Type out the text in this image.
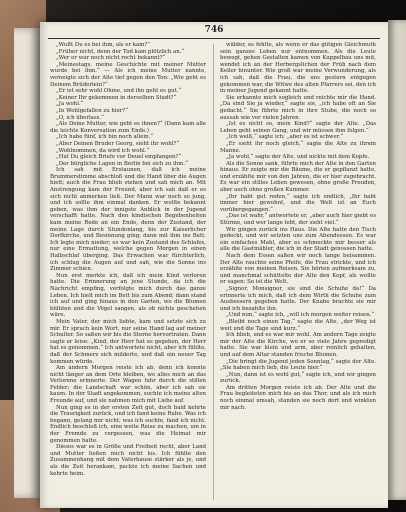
746

„Wußt Du es bei ihm, als er kam?“

„Früher nicht, denn der Tod kam plötzlich an.“

„Wer er war noch nicht recht bekannt?“

„Meinestags, meine Geschichte mit meiner Mutter wurde bei ihm.“ — Als ich meine Mutter nannte, verneigte sich der Alte tief gegen den Ton: „Wie geht es Deinem Brüderlein?“

„Er ist sehr wohl Ohme, und ihn geht es gut.“

„Keiner Ihr gekommen in derselben Stadt?“

„Ja wohl.“

„In Wohlgefallen zu hier?“

„O, ich überlass.“

„Als Deine Mutter, wie geht es ihnen?“ (Dann kam alle die leichte Konversation zum Ende.)

„Ich habe fünf, ich bin noch allein.“

„Aber Deinen Bruder Georg, sieht ihr wohl?“

„Wohlnommen, da wird ich wohl.“

„Hat Du gleich Briefe vor Deuel empfangen?“

„Der bürgliche Lagen in Berlin bei sich zu ihm.“

Ich sah mit Erstaunen, daß ich meine Brummerstimme abschloß und die Hand über die Augen hielt; auch die Frau blieb stehen und sah mich an. Mit Anstrengung kam der Freund, aber ich sah daß er es sich nicht anmerken ließ. Der Mann war noch so jung, und ich sollte ihm einmal danken. Er wollte bekannt geben, was ihm der innigste Anblick in der Jugend verschafft hatte. Nach den kindischen Begebenheiten kam meine Rede an ein Ende, denn der Zustand, der meine Lage durch Stundenlang, bis zur Kaiserlicher Dorfkirche, und Besinnung ging; dann mit ihm ins Bett. Ich legte mich nieder; es war kein Zustand des Schlafes, nur eine Ermattung, welche gegen Morgen in einen Halbschlaf überging. Das Erwachen war fürchterlich, ich schlug die Augen auf und sah, wie die Sonne ins Zimmer schien.

Nun erst merkte ich, daß ich mein Kind verloren hatte. Die Erinnerung an jene Stunde, da ich die Nachricht empfing, verfolgte mich durch das ganze Leben. Ich hielt mich im Bett bis zum Abend; dann stand ich auf und ging hinaus in den Garten, wo die Blumen blühten und die Vögel sangen, als ob nichts geschehen wäre.

Mein Vater, der mich liebte, kam und setzte sich zu mir. Er sprach kein Wort, nur seine Hand lag auf meiner Schulter. So saßen wir bis die Sterne hervortraten. Dann sagte er leise: „Kind, der Herr hat es gegeben, der Herr hat es genommen.“ Ich antwortete nicht, aber ich fühlte, daß der Schmerz sich milderte, und daß ein neuer Tag kommen würde.

Am andern Morgen reiste ich ab, denn ich konnte nicht länger an dem Orte bleiben, wo alles mich an das Verlorene erinnerte. Der Wagen fuhr durch die stillen Felder; die Landschaft war schön, aber ich sah sie kaum. In der Stadt angekommen, suchte ich meine alten Freunde auf, und sie nahmen mich mit Liebe auf.

Nun ging es in der ersten Zeit gut, doch bald kehrte die Traurigkeit zurück, und ich fand keine Ruhe. Was ich begann, gelang mir nicht; was ich suchte, fand ich nicht. Endlich beschloß ich, eine weite Reise zu machen, um in der Fremde zu vergessen, was die Heimat mir genommen hatte.

Dieses war es in Größe und Freiheit recht, aber Land und Mutter ließen mich nicht los. Ich fühlte den Zusammenhang mit dem Vaterhause stärker als je, und als die Zeit herankam, packte ich meine Sachen und kehrte heim.

wälder, es fehlte, als wenn er das gütigen Gleichmuth sein ganzes Leben nur entnommen. Als die Leute bewegt, gehen Gestalten kamen von Kuppelbau uns mit, wendet ich an der Herbergslichen der Früh nach dem Keller hinunter. Wie groß war meine Verwunderung, als ich sah, daß die Frau, die uns gestern entgegen gekommen war, die Witwe des alten Pfarrers sei, den ich in meiner Jugend gekannt hatte.

Sie erkannte mich sogleich und reichte mir die Hand. „Da sind Sie ja wieder,“ sagte sie, „ich habe oft an Sie gedacht.“ Sie führte mich in ihre Stube, die noch so aussah wie vor vielen Jahren.

„Ist es nicht so, mein Kind?“ sagte der Alte. „Das Leben geht seinen Gang, und wir müssen ihm folgen.“

„Ich weiß,“ sagte ich; „aber es ist schwer.“

„Er sieht ihr noch gleich,“ sagte die Alte zu ihrem Manne.

„Ja wohl,“ sagte der Alte, und nickte mit dem Kopfe.

Als die Sonne sank, führte mich der Alte in den Garten hinaus. Er zeigte mir die Bäume, die er gepflanzt hatte, und erzählte mir von den Jahren, die er hier zugebracht. Es war ein stilles Leben gewesen, ohne große Freuden, aber auch ohne großen Kummer.

„Ihr habt gut reden,“ sagte ich endlich, „Ihr habt immer hier gewohnt, und die Welt ist an Euch vorübergegangen.“

„Das ist wahr,“ antwortete er, „aber auch hier giebt es Stürme, und wer lange lebt, der sieht viel.“

Wir gingen zurück ins Haus. Die Alte hatte den Tisch gedeckt, und wir setzten uns zum Abendessen. Es war ein einfaches Mahl, aber es schmeckte mir besser als alle die Gastmähler, die ich in der Stadt genossen hatte.

Nach dem Essen saßen wir noch lange beisammen. Der Alte rauchte seine Pfeife, die Frau strickte, und ich erzählte von meinen Reisen. Sie hörten aufmerksam zu, und manchmal schüttelte der Alte den Kopf, als wollte er sagen: So ist die Welt.

„Signor, Monsignor, sie sind die Schuhe da!“ Da erinnerte ich mich, daß ich dem Wirth die Schuhe zum Ausbessern gegeben hatte. Der Knabe brachte sie mir und ich bezahlte ihn.

„Und nun,“ sagte ich, „will ich morgen weiter reisen.“

„Bleibt noch einen Tag,“ sagte die Alte, „der Weg ist weit und die Tage sind kurz.“

Ich blieb, und es war mir wohl. Am andern Tage zeigte mir der Alte die Kirche, wo er so viele Jahre gepredigt hatte. Sie war klein und arm, aber reinlich gehalten, und auf dem Altar standen frische Blumen.

„Die bringt die Jugend jeden Sonntag,“ sagte der Alte. „Sie haben mich lieb, die Leute hier.“

„Nun, dann ist es wohl gut,“ sagte ich, und wir gingen zurück.

Am dritten Morgen reiste ich ab. Der Alte und die Frau begleiteten mich bis an das Thor, und als ich mich noch einmal umsah, standen sie noch dort und winkten mir nach.
